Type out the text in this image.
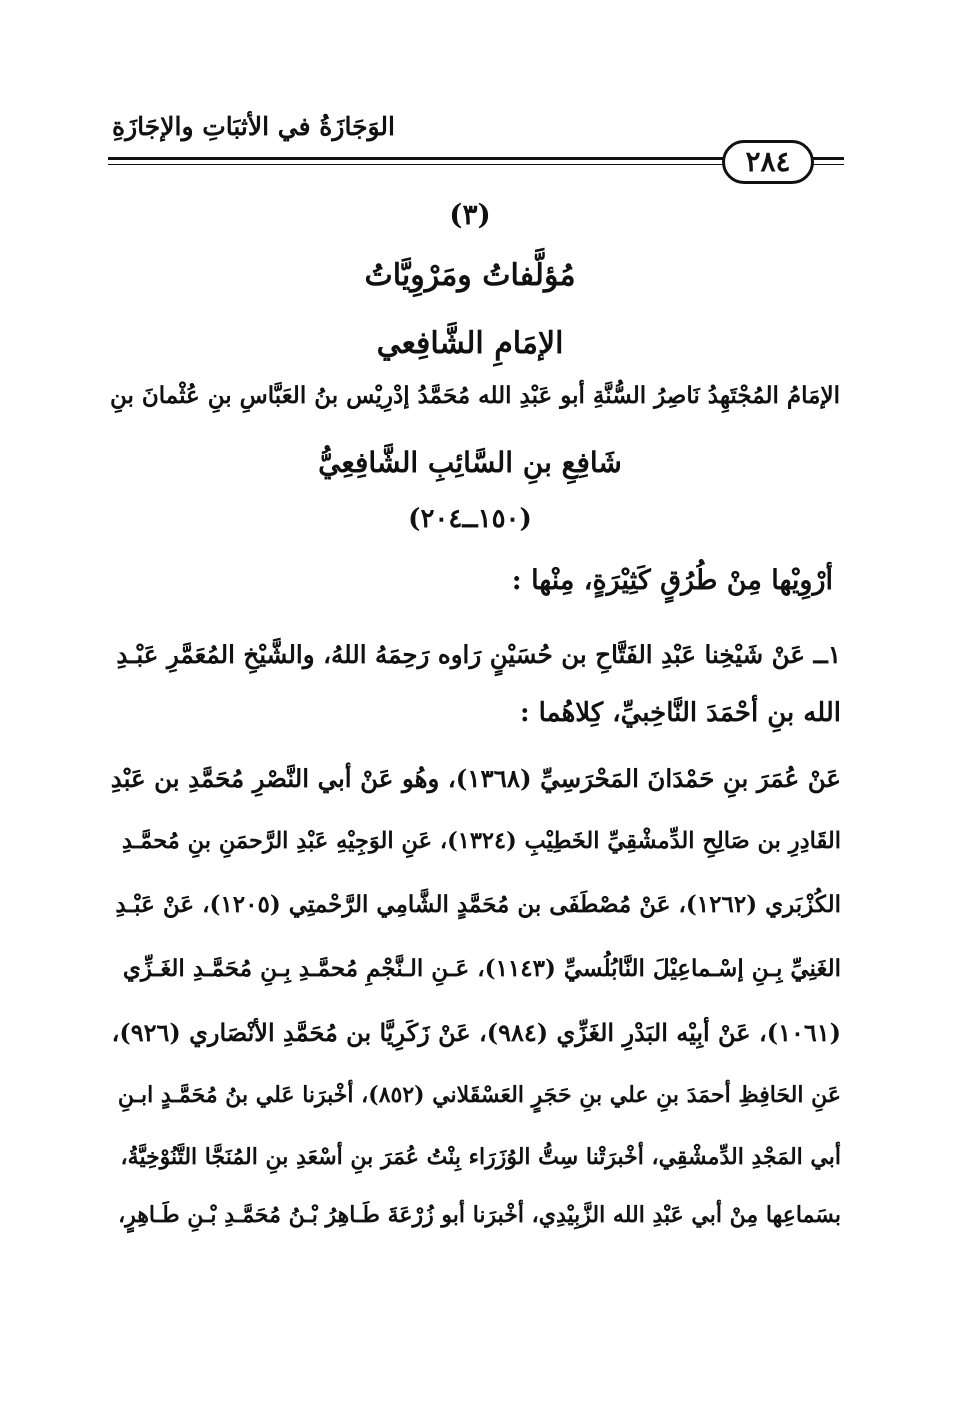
الوَجَازَةُ في الأثبَاتِ والإجَازَةِ
٢٨٤
(٣)
مُؤلَّفاتُ ومَرْوِيَّاتُ
الإمَامِ الشَّافِعي
الإمَامُ المُجْتَهِدُ نَاصِرُ السُّنَّةِ أبو عَبْدِ الله مُحَمَّدُ إدْرِيْس بنُ العَبَّاسِ بنِ عُثْمانَ بنِ
شَافِعِ بنِ السَّائِبِ الشَّافِعِيُّ
(١٥٠ــ٢٠٤)
أرْوِيْها مِنْ طُرُقٍ كَثِيْرَةٍ، مِنْها :
١ــ عَنْ شَيْخِنا عَبْدِ الفَتَّاحِ بن حُسَيْنٍ رَاوه رَحِمَهُ اللهُ، والشَّيْخِ المُعَمَّرِ عَبْـدِ
الله بنِ أحْمَدَ النَّاخِبيِّ، كِلاهُما :
عَنْ عُمَرَ بنِ حَمْدَانَ المَحْرَسِيِّ (١٣٦٨)، وهُو عَنْ أبي النَّصْرِ مُحَمَّدِ بن عَبْدِ
القَادِرِ بن صَالِحِ الدِّمشْقِيِّ الخَطِيْبِ (١٣٢٤)، عَنِ الوَجِيْهِ عَبْدِ الرَّحمَنِ بنِ مُحمَّـدِ
الكُزْبَري (١٢٦٢)، عَنْ مُصْطَفَى بن مُحَمَّدٍ الشَّامِي الرَّحْمتِي (١٢٠٥)، عَنْ عَبْـدِ
الغَنِيِّ بِـنِ إسْـماعِيْلَ النَّابُلُسيِّ (١١٤٣)، عَـنِ الـنَّجْمِ مُحمَّـدِ بِـنِ مُحَمَّـدِ الغَـزِّي
(١٠٦١)، عَنْ أبِيْه البَدْرِ الغَزِّي (٩٨٤)، عَنْ زَكَرِيَّا بن مُحَمَّدِ الأنْصَاري (٩٢٦)،
عَنِ الحَافِظِ أحمَدَ بنِ علي بنِ حَجَرٍ العَسْقَلاني (٨٥٢)، أخْبرَنا عَلي بنُ مُحَمَّـدٍ ابـنِ
أبي المَجْدِ الدِّمشْقِي، أخْبرَتْنا سِتُّ الوُزَرَاء بِنْتُ عُمَرَ بنِ أسْعَدِ بنِ المُنَجَّا التَّنُوْخِيَّةُ،
بسَماعِها مِنْ أبي عَبْدِ الله الزَّبِيْدِي، أخْبرَنا أبو زُرْعَةَ طَـاهِرُ بْـنُ مُحَمَّـدِ بْـنِ طَـاهِرٍ،
